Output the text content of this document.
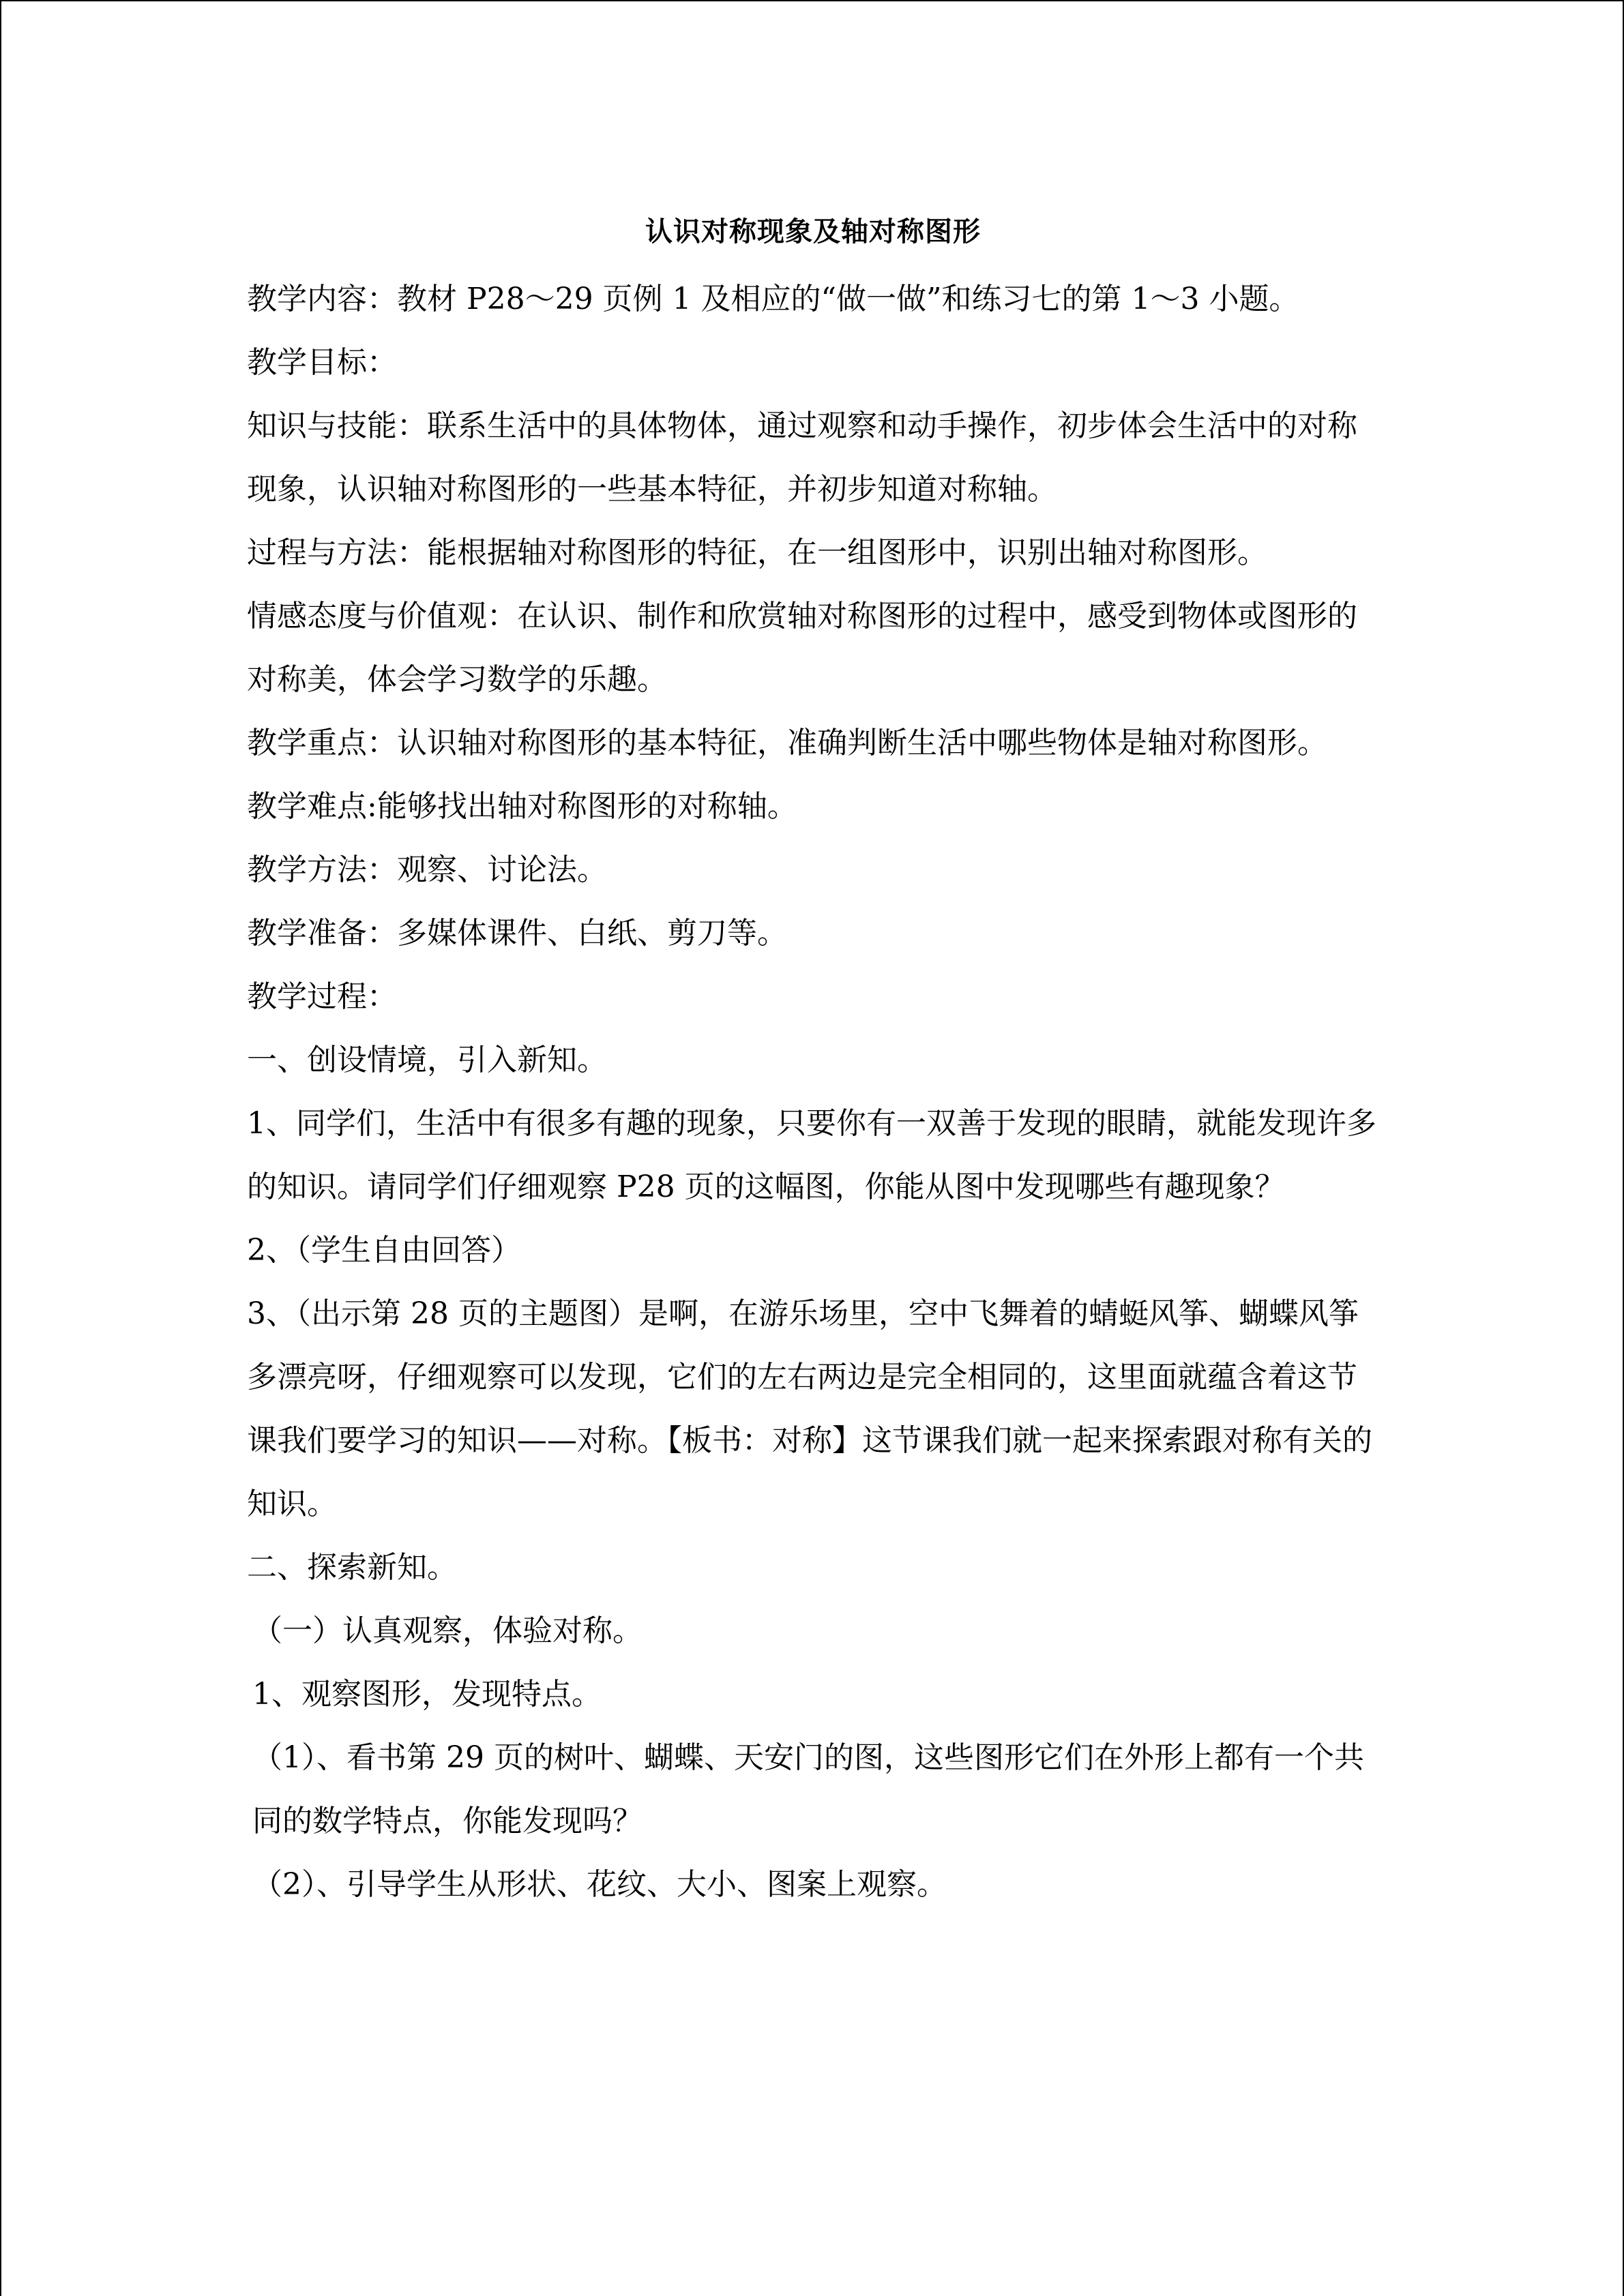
认识对称现象及轴对称图形

教学内容：教材 P28～29 页例 1 及相应的“做一做”和练习七的第 1～3 小题。

教学目标：

知识与技能：联系生活中的具体物体，通过观察和动手操作，初步体会生活中的对称现象，认识轴对称图形的一些基本特征，并初步知道对称轴。

过程与方法：能根据轴对称图形的特征，在一组图形中，识别出轴对称图形。

情感态度与价值观：在认识、制作和欣赏轴对称图形的过程中，感受到物体或图形的对称美，体会学习数学的乐趣。

教学重点：认识轴对称图形的基本特征，准确判断生活中哪些物体是轴对称图形。

教学难点:能够找出轴对称图形的对称轴。

教学方法：观察、讨论法。

教学准备：多媒体课件、白纸、剪刀等。

教学过程：

一、创设情境，引入新知。

1、同学们，生活中有很多有趣的现象，只要你有一双善于发现的眼睛，就能发现许多的知识。请同学们仔细观察 P28 页的这幅图，你能从图中发现哪些有趣现象？

2、（学生自由回答）

3、（出示第 28 页的主题图）是啊，在游乐场里，空中飞舞着的蜻蜓风筝、蝴蝶风筝多漂亮呀，仔细观察可以发现，它们的左右两边是完全相同的，这里面就蕴含着这节课我们要学习的知识——对称。【板书：对称】这节课我们就一起来探索跟对称有关的知识。

二、探索新知。

（一）认真观察，体验对称。

1、观察图形，发现特点。

（1）、看书第 29 页的树叶、蝴蝶、天安门的图，这些图形它们在外形上都有一个共同的数学特点，你能发现吗？

（2）、引导学生从形状、花纹、大小、图案上观察。
